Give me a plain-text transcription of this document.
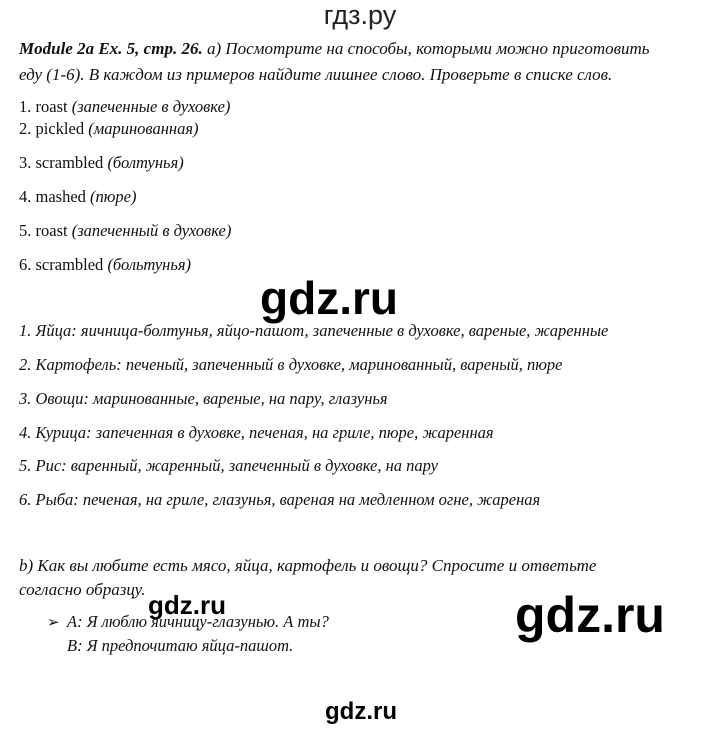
гдз.ру
Module 2a Ex. 5, стр. 26. a) Посмотрите на способы, которыми можно приготовить
еду (1-6). В каждом из примеров найдите лишнее слово. Проверьте в списке слов.
1. roast (запеченные в духовке)
2. pickled (маринованная)
3. scrambled (болтунья)
4. mashed (пюре)
5. roast (запеченный в духовке)
6. scrambled (больтунья)
gdz.ru
1. Яйца: яичница-болтунья, яйцо-пашот, запеченные в духовке, вареные, жаренные
2. Картофель: печеный, запеченный в духовке, маринованный, вареный, пюре
3. Овощи: маринованные, вареные, на пару, глазунья
4. Курица: запеченная в духовке, печеная, на гриле, пюре, жаренная
5. Рис: варенный, жаренный, запеченный в духовке, на пару
6. Рыба: печеная, на гриле, глазунья, вареная на медленном огне, жареная
b) Как вы любите есть мясо, яйца, картофель и овощи? Спросите и ответьте
согласно образцу.
gdz.ru	gdz.ru
➢ A: Я люблю яичницу-глазунью. А ты?
B: Я предпочитаю яйца-пашот.
gdz.ru
